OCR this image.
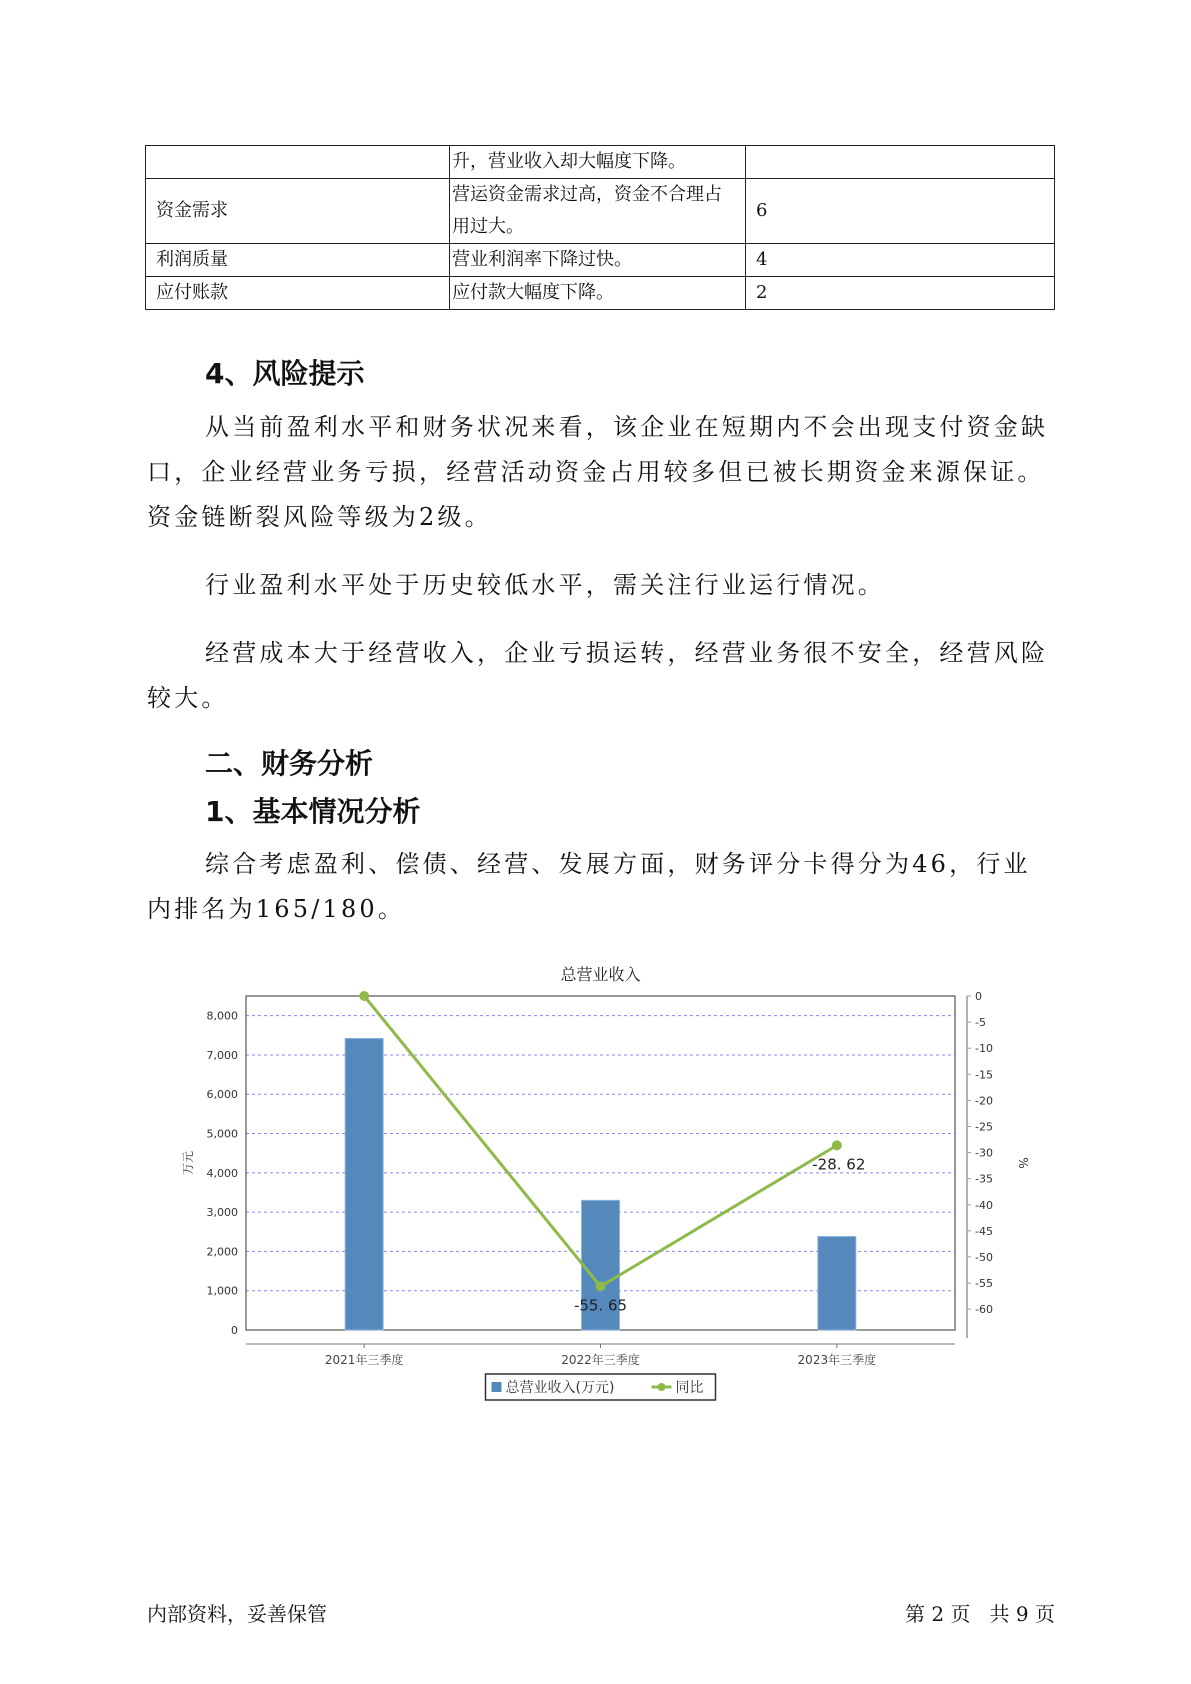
	升，营业收入却大幅度下降。	
资金需求	营运资金需求过高，资金不合理占用过大。	6
利润质量	营业利润率下降过快。	4
应付账款	应付款大幅度下降。	2
4、风险提示

从当前盈利水平和财务状况来看，该企业在短期内不会出现支付资金缺口，企业经营业务亏损，经营活动资金占用较多但已被长期资金来源保证。资金链断裂风险等级为2级。

行业盈利水平处于历史较低水平，需关注行业运行情况。

经营成本大于经营收入，企业亏损运转，经营业务很不安全，经营风险较大。

二、财务分析
1、基本情况分析

综合考虑盈利、偿债、经营、发展方面，财务评分卡得分为46，行业内排名为165/180。

总营业收入
0
1,000
2,000
3,000
4,000
5,000
6,000
7,000
8,000
万元
0
-5
-10
-15
-20
-25
-30
-35
-40
-45
-50
-55
-60
%
2021年三季度	2022年三季度	2023年三季度
-55. 65
-28. 62
总营业收入(万元)	同比
内部资料，妥善保管	第 2 页   共 9 页
